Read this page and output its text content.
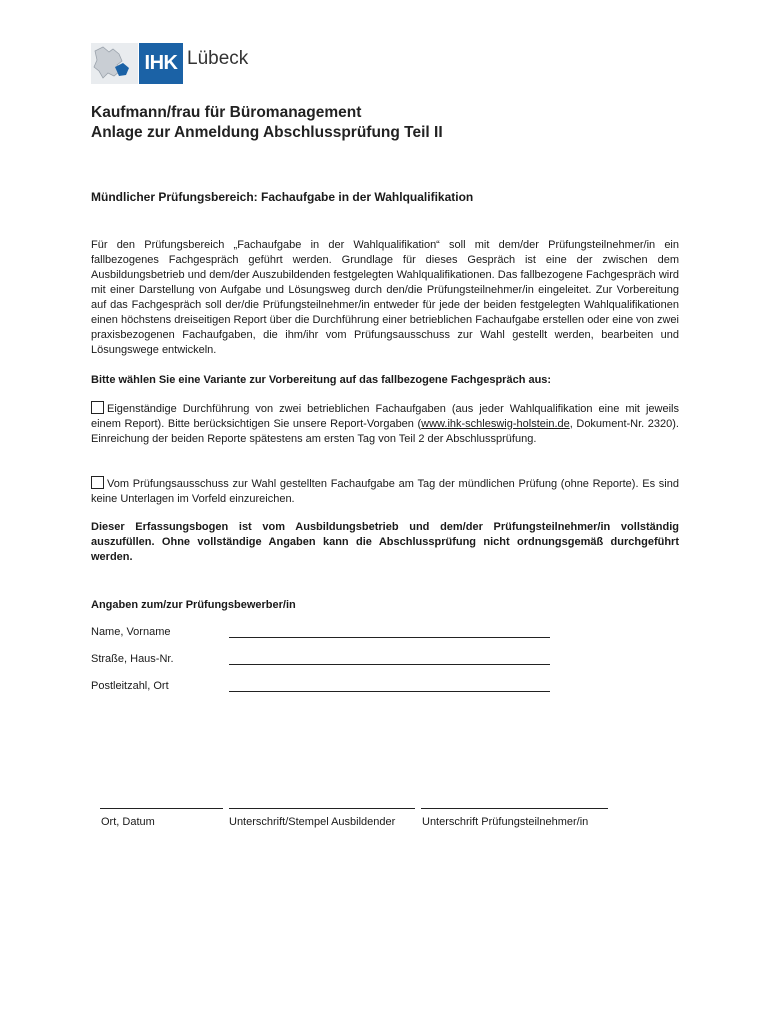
IHK Lübeck
Kaufmann/frau für Büromanagement
Anlage zur Anmeldung Abschlussprüfung Teil II
Mündlicher Prüfungsbereich: Fachaufgabe in der Wahlqualifikation
Für den Prüfungsbereich „Fachaufgabe in der Wahlqualifikation“ soll mit dem/der Prüfungsteilnehmer/in ein fallbezogenes Fachgespräch geführt werden. Grundlage für dieses Gespräch ist eine der zwischen dem Ausbildungsbetrieb und dem/der Auszubildenden festgelegten Wahlqualifikationen. Das fallbezogene Fachgespräch wird mit einer Darstellung von Aufgabe und Lösungsweg durch den/die Prüfungsteilnehmer/in eingeleitet. Zur Vorbereitung auf das Fachgespräch soll der/die Prüfungsteilnehmer/in entweder für jede der beiden festgelegten Wahlqualifikationen einen höchstens dreiseitigen Report über die Durchführung einer betrieblichen Fachaufgabe erstellen oder eine von zwei praxisbezogenen Fachaufgaben, die ihm/ihr vom Prüfungsausschuss zur Wahl gestellt werden, bearbeiten und Lösungswege entwickeln.
Bitte wählen Sie eine Variante zur Vorbereitung auf das fallbezogene Fachgespräch aus:
Eigenständige Durchführung von zwei betrieblichen Fachaufgaben (aus jeder Wahlqualifikation eine mit jeweils einem Report). Bitte berücksichtigen Sie unsere Report-Vorgaben (www.ihk-schleswig-holstein.de, Dokument-Nr. 2320). Einreichung der beiden Reporte spätestens am ersten Tag von Teil 2 der Abschlussprüfung.
Vom Prüfungsausschuss zur Wahl gestellten Fachaufgabe am Tag der mündlichen Prüfung (ohne Reporte). Es sind keine Unterlagen im Vorfeld einzureichen.
Dieser Erfassungsbogen ist vom Ausbildungsbetrieb und dem/der Prüfungsteilnehmer/in vollständig auszufüllen. Ohne vollständige Angaben kann die Abschlussprüfung nicht ordnungsgemäß durchgeführt werden.
Angaben zum/zur Prüfungsbewerber/in
Name, Vorname
Straße, Haus-Nr.
Postleitzahl, Ort
Ort, Datum	Unterschrift/Stempel Ausbildender Unterschrift Prüfungsteilnehmer/in
